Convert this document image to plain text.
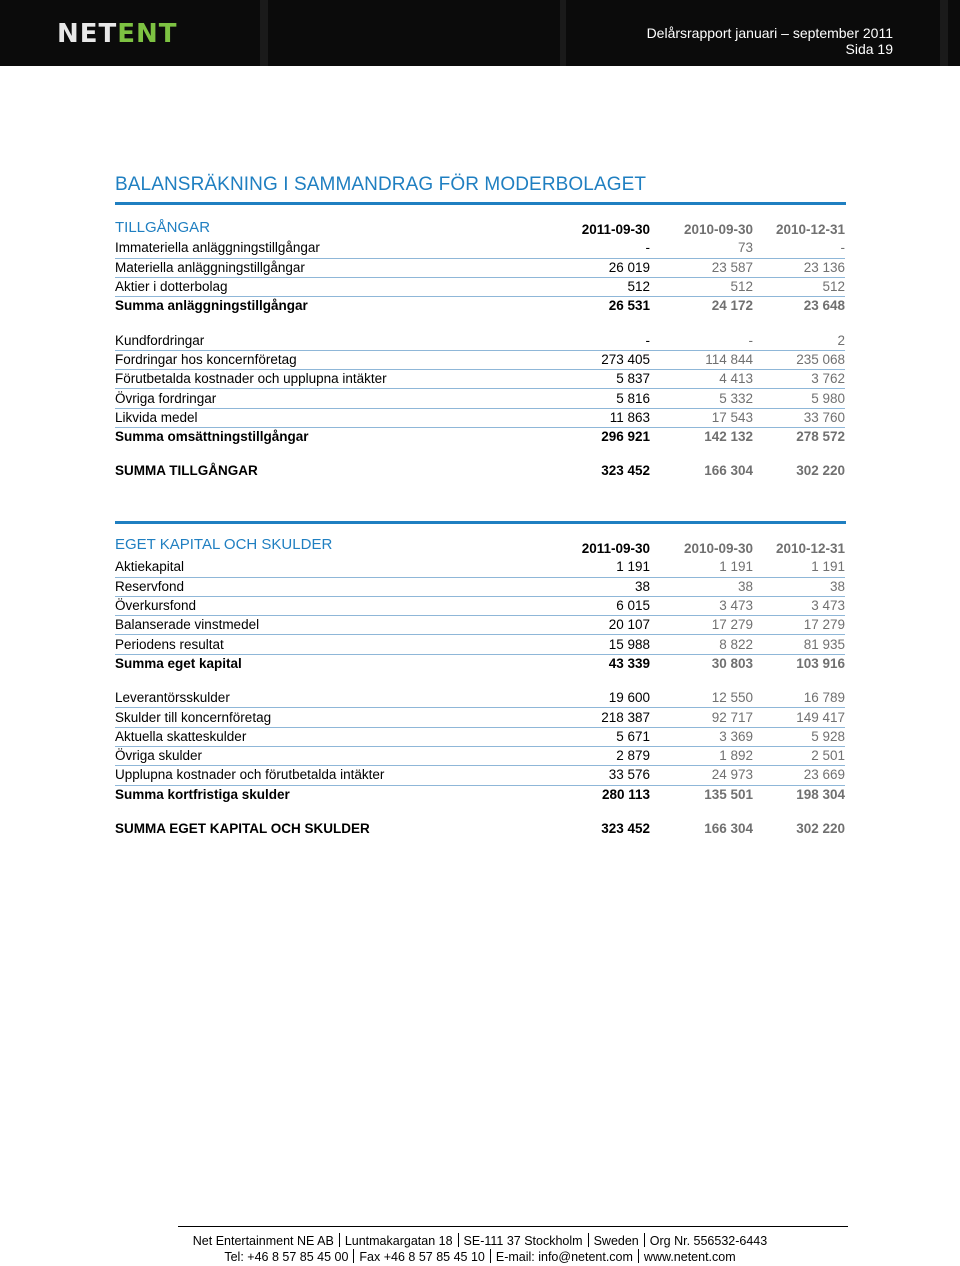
NETENT	Delårsrapport januari – september 2011
Sida 19
BALANSRÄKNING I SAMMANDRAG FÖR MODERBOLAGET
TILLGÅNGAR
		2011-09-30	2010-09-30	2010-12-31
Immateriella anläggningstillgångar	-	73	-
Materiella anläggningstillgångar	26 019	23 587	23 136
Aktier i dotterbolag	512	512	512
Summa anläggningstillgångar	26 531	24 172	23 648

Kundfordringar	-	-	2
Fordringar hos koncernföretag	273 405	114 844	235 068
Förutbetalda kostnader och upplupna intäkter	5 837	4 413	3 762
Övriga fordringar	5 816	5 332	5 980
Likvida medel	11 863	17 543	33 760
Summa omsättningstillgångar	296 921	142 132	278 572

SUMMA TILLGÅNGAR	323 452	166 304	302 220
EGET KAPITAL OCH SKULDER
		2011-09-30	2010-09-30	2010-12-31
Aktiekapital	1 191	1 191	1 191
Reservfond	38	38	38
Överkursfond	6 015	3 473	3 473
Balanserade vinstmedel	20 107	17 279	17 279
Periodens resultat	15 988	8 822	81 935
Summa eget kapital	43 339	30 803	103 916

Leverantörsskulder	19 600	12 550	16 789
Skulder till koncernföretag	218 387	92 717	149 417
Aktuella skatteskulder	5 671	3 369	5 928
Övriga skulder	2 879	1 892	2 501
Upplupna kostnader och förutbetalda intäkter	33 576	24 973	23 669
Summa kortfristiga skulder	280 113	135 501	198 304

SUMMA EGET KAPITAL OCH SKULDER	323 452	166 304	302 220
Net Entertainment NE AB Luntmakargatan 18 SE-111 37 Stockholm Sweden Org Nr. 556532-6443
Tel: +46 8 57 85 45 00 Fax +46 8 57 85 45 10 E-mail: info@netent.com www.netent.com
